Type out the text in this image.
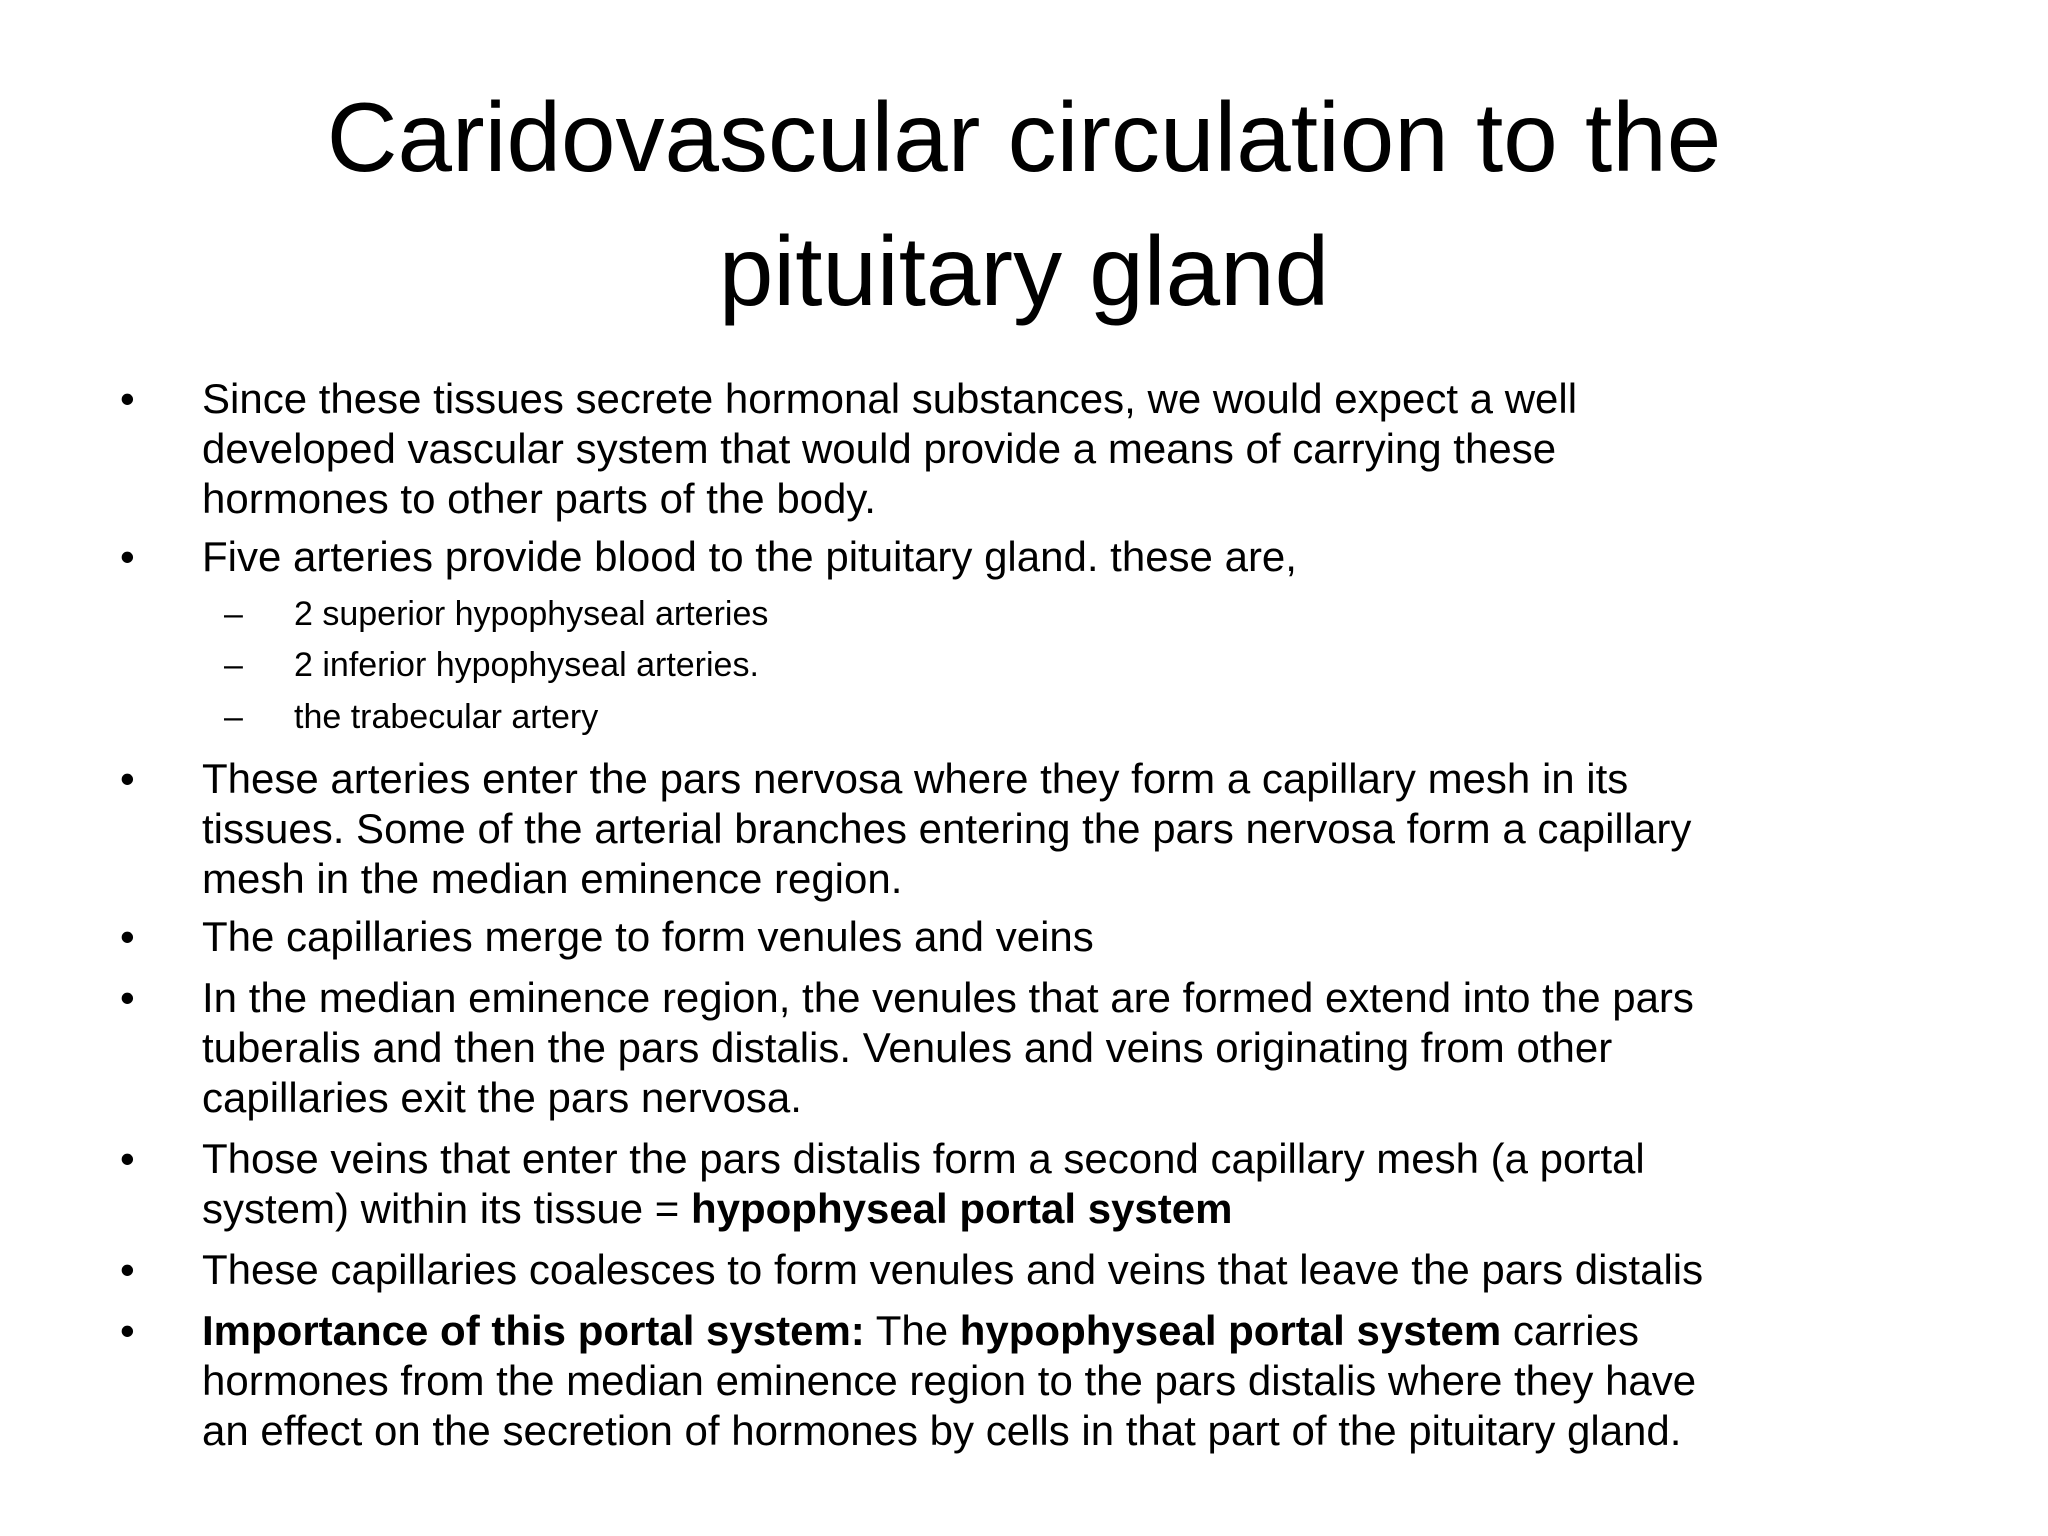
Caridovascular circulation to the
pituitary gland
•	Since these tissues secrete hormonal substances, we would expect a well
developed vascular system that would provide a means of carrying these
hormones to other parts of the body.
•	Five arteries provide blood to the pituitary gland. these are,
– 2 superior hypophyseal arteries
– 2 inferior hypophyseal arteries.
– the trabecular artery
•	These arteries enter the pars nervosa where they form a capillary mesh in its
tissues. Some of the arterial branches entering the pars nervosa form a capillary
mesh in the median eminence region.
•	The capillaries merge to form venules and veins
•	In the median eminence region, the venules that are formed extend into the pars
tuberalis and then the pars distalis. Venules and veins originating from other
capillaries exit the pars nervosa.
•	Those veins that enter the pars distalis form a second capillary mesh (a portal
system) within its tissue = hypophyseal portal system
•	These capillaries coalesces to form venules and veins that leave the pars distalis
•	Importance of this portal system: The hypophyseal portal system carries
hormones from the median eminence region to the pars distalis where they have
an effect on the secretion of hormones by cells in that part of the pituitary gland.
